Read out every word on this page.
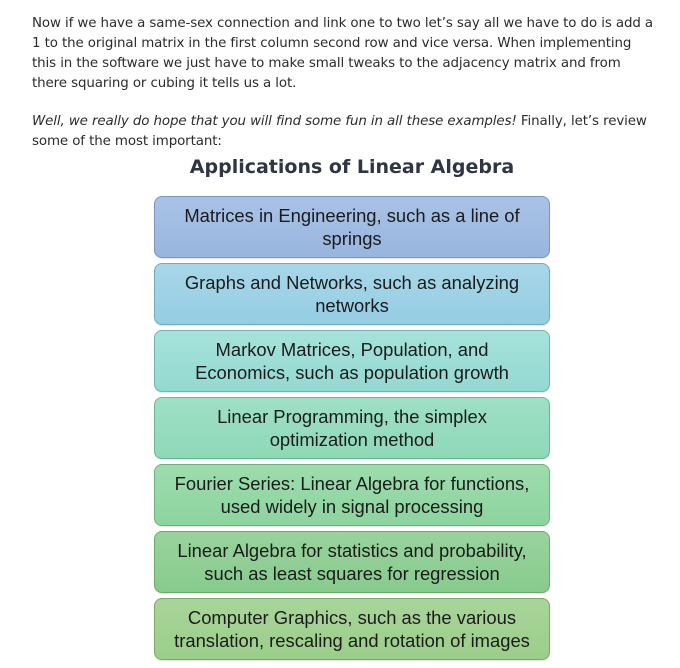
Now if we have a same-sex connection and link one to two let’s say all we have to do is add a 1 to the original matrix in the first column second row and vice versa. When implementing this in the software we just have to make small tweaks to the adjacency matrix and from there squaring or cubing it tells us a lot.

Well, we really do hope that you will find some fun in all these examples! Finally, let’s review some of the most important:

Applications of Linear Algebra
Matrices in Engineering, such as a line of
springs
Graphs and Networks, such as analyzing
networks
Markov Matrices, Population, and
Economics, such as population growth
Linear Programming, the simplex
optimization method
Fourier Series: Linear Algebra for functions,
used widely in signal processing
Linear Algebra for statistics and probability,
such as least squares for regression
Computer Graphics, such as the various
translation, rescaling and rotation of images
